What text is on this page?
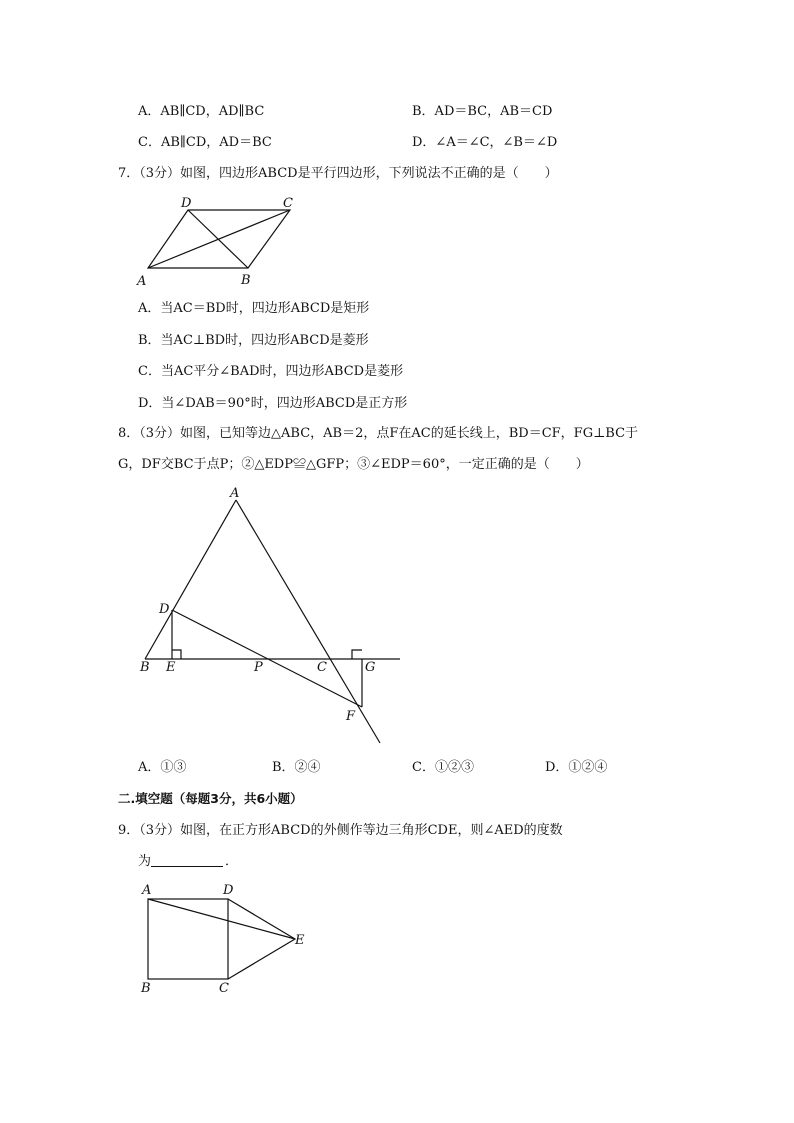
A．AB∥CD，AD∥BC	B．AD＝BC，AB＝CD
C．AB∥CD，AD＝BC	D．∠A＝∠C，∠B＝∠D
7．（3分）如图，四边形ABCD是平行四边形，下列说法不正确的是（　　）
A	B
C
D
A．当AC＝BD时，四边形ABCD是矩形
B．当AC⊥BD时，四边形ABCD是菱形
C．当AC平分∠BAD时，四边形ABCD是菱形
D．当∠DAB＝90°时，四边形ABCD是正方形
8．（3分）如图，已知等边△ABC，AB＝2，点F在AC的延长线上，BD＝CF，FG⊥BC于
G，DF交BC于点P；②△EDP≌△GFP；③∠EDP＝60°，一定正确的是（　　）
A
B	C
D
E	P	G
F
A．①③	B．②④	C．①②③	D．①②④
二.填空题（每题3分，共6小题）
9．（3分）如图，在正方形ABCD的外侧作等边三角形CDE，则∠AED的度数
为	．
A	D
E
B	C
